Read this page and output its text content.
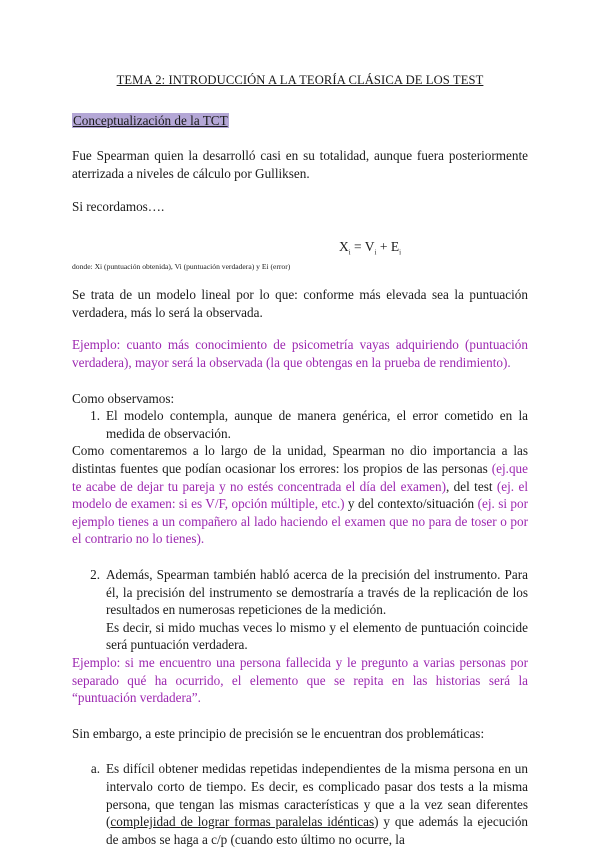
TEMA 2: INTRODUCCIÓN A LA TEORÍA CLÁSICA DE LOS TEST
Conceptualización de la TCT

Fue Spearman quien la desarrolló casi en su totalidad, aunque fuera posteriormente aterrizada a niveles de cálculo por Gulliksen.

Si recordamos….

$X_i = V_i + E_i$

donde: Xi (puntuación obtenida), Vi (puntuación verdadera) y Ei (error)

Se trata de un modelo lineal por lo que: conforme más elevada sea la puntuación verdadera, más lo será la observada.

Ejemplo: cuanto más conocimiento de psicometría vayas adquiriendo (puntuación verdadera), mayor será la observada (la que obtengas en la prueba de rendimiento).

Como observamos:

1. El modelo contempla, aunque de manera genérica, el error cometido en la medida de observación.

Como comentaremos a lo largo de la unidad, Spearman no dio importancia a las distintas fuentes que podían ocasionar los errores: los propios de las personas (ej.que te acabe de dejar tu pareja y no estés concentrada el día del examen), del test (ej. el modelo de examen: si es V/F, opción múltiple, etc.) y del contexto/situación (ej. si por ejemplo tienes a un compañero al lado haciendo el examen que no para de toser o por el contrario no lo tienes).

2. Además, Spearman también habló acerca de la precisión del instrumento. Para él, la precisión del instrumento se demostraría a través de la replicación de los resultados en numerosas repeticiones de la medición.
Es decir, si mido muchas veces lo mismo y el elemento de puntuación coincide será puntuación verdadera.

Ejemplo: si me encuentro una persona fallecida y le pregunto a varias personas por separado qué ha ocurrido, el elemento que se repita en las historias será la “puntuación verdadera”.

Sin embargo, a este principio de precisión se le encuentran dos problemáticas:

a. Es difícil obtener medidas repetidas independientes de la misma persona en un intervalo corto de tiempo. Es decir, es complicado pasar dos tests a la misma persona, que tengan las mismas características y que a la vez sean diferentes (complejidad de lograr formas paralelas idénticas) y que además la ejecución de ambos se haga a c/p (cuando esto último no ocurre, la
